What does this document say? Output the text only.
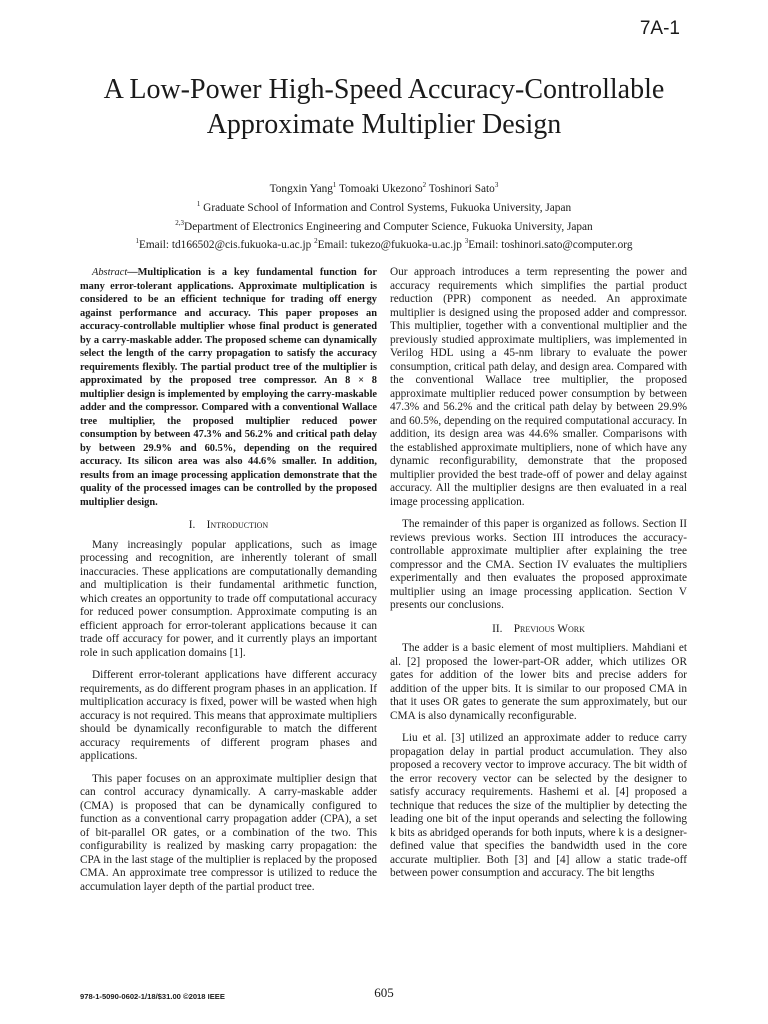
7A-1
A Low-Power High-Speed Accuracy-Controllable
Approximate Multiplier Design
Tongxin Yang$^1$ Tomoaki Ukezono$^2$ Toshinori Sato$^3$
$^1$ Graduate School of Information and Control Systems, Fukuoka University, Japan
$^{2,3}$Department of Electronics Engineering and Computer Science, Fukuoka University, Japan
$^1$Email: td166502@cis.fukuoka-u.ac.jp $^2$Email: tukezo@fukuoka-u.ac.jp $^3$Email: toshinori.sato@computer.org

Abstract—Multiplication is a key fundamental function for many error-tolerant applications. Approximate multiplication is considered to be an efficient technique for trading off energy against performance and accuracy. This paper proposes an accuracy-controllable multiplier whose final product is generated by a carry-maskable adder. The proposed scheme can dynamically select the length of the carry propagation to satisfy the accuracy requirements flexibly. The partial product tree of the multiplier is approximated by the proposed tree compressor. An 8 × 8 multiplier design is implemented by employing the carry-maskable adder and the compressor. Compared with a conventional Wallace tree multiplier, the proposed multiplier reduced power consumption by between 47.3% and 56.2% and critical path delay by between 29.9% and 60.5%, depending on the required accuracy. Its silicon area was also 44.6% smaller. In addition, results from an image processing application demonstrate that the quality of the processed images can be controlled by the proposed multiplier design.

I. Introduction

Many increasingly popular applications, such as image processing and recognition, are inherently tolerant of small inaccuracies. These applications are computationally demanding and multiplication is their fundamental arithmetic function, which creates an opportunity to trade off computational accuracy for reduced power consumption. Approximate computing is an efficient approach for error-tolerant applications because it can trade off accuracy for power, and it currently plays an important role in such application domains [1].

Different error-tolerant applications have different accuracy requirements, as do different program phases in an application. If multiplication accuracy is fixed, power will be wasted when high accuracy is not required. This means that approximate multipliers should be dynamically reconfigurable to match the different accuracy requirements of different program phases and applications.

This paper focuses on an approximate multiplier design that can control accuracy dynamically. A carry-maskable adder (CMA) is proposed that can be dynamically configured to function as a conventional carry propagation adder (CPA), a set of bit-parallel OR gates, or a combination of the two. This configurability is realized by masking carry propagation: the CPA in the last stage of the multiplier is replaced by the proposed CMA. An approximate tree compressor is utilized to reduce the accumulation layer depth of the partial product tree.

Our approach introduces a term representing the power and accuracy requirements which simplifies the partial product reduction (PPR) component as needed. An approximate multiplier is designed using the proposed adder and compressor. This multiplier, together with a conventional multiplier and the previously studied approximate multipliers, was implemented in Verilog HDL using a 45-nm library to evaluate the power consumption, critical path delay, and design area. Compared with the conventional Wallace tree multiplier, the proposed approximate multiplier reduced power consumption by between 47.3% and 56.2% and the critical path delay by between 29.9% and 60.5%, depending on the required computational accuracy. In addition, its design area was 44.6% smaller. Comparisons with the established approximate multipliers, none of which have any dynamic reconfigurability, demonstrate that the proposed multiplier provided the best trade-off of power and delay against accuracy. All the multiplier designs are then evaluated in a real image processing application.

The remainder of this paper is organized as follows. Section II reviews previous works. Section III introduces the accuracy-controllable approximate multiplier after explaining the tree compressor and the CMA. Section IV evaluates the multipliers experimentally and then evaluates the proposed approximate multiplier using an image processing application. Section V presents our conclusions.

II. Previous Work

The adder is a basic element of most multipliers. Mahdiani et al. [2] proposed the lower-part-OR adder, which utilizes OR gates for addition of the lower bits and precise adders for addition of the upper bits. It is similar to our proposed CMA in that it uses OR gates to generate the sum approximately, but our CMA is also dynamically reconfigurable.

Liu et al. [3] utilized an approximate adder to reduce carry propagation delay in partial product accumulation. They also proposed a recovery vector to improve accuracy. The bit width of the error recovery vector can be selected by the designer to satisfy accuracy requirements. Hashemi et al. [4] proposed a technique that reduces the size of the multiplier by detecting the leading one bit of the input operands and selecting the following k bits as abridged operands for both inputs, where k is a designer-defined value that specifies the bandwidth used in the core accurate multiplier. Both [3] and [4] allow a static trade-off between power consumption and accuracy. The bit lengths

978-1-5090-0602-1/18/$31.00 ©2018 IEEE	605
